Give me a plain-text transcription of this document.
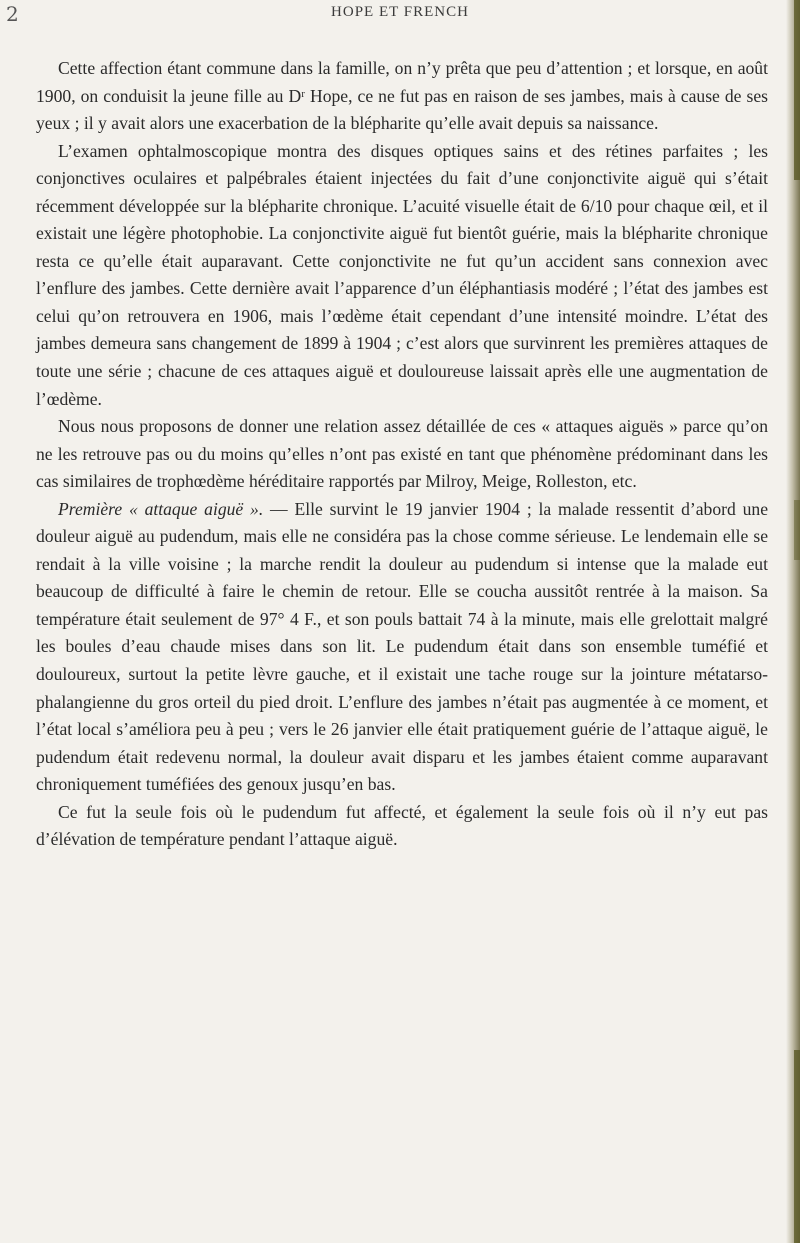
2	HOPE ET FRENCH

Cette affection étant commune dans la famille, on n’y prêta que peu d’attention ; et lorsque, en août 1900, on conduisit la jeune fille au Dʳ Hope, ce ne fut pas en raison de ses jambes, mais à cause de ses yeux ; il y avait alors une exacerbation de la blépharite qu’elle avait depuis sa naissance.

L’examen ophtalmoscopique montra des disques optiques sains et des rétines parfaites ; les conjonctives oculaires et palpébrales étaient injectées du fait d’une conjonctivite aiguë qui s’était récemment développée sur la blépharite chronique. L’acuité visuelle était de 6/10 pour chaque œil, et il existait une légère photophobie. La conjonctivite aiguë fut bientôt guérie, mais la blépharite chronique resta ce qu’elle était auparavant. Cette conjonctivite ne fut qu’un accident sans connexion avec l’enflure des jambes. Cette dernière avait l’apparence d’un éléphantiasis modéré ; l’état des jambes est celui qu’on retrouvera en 1906, mais l’œdème était cependant d’une intensité moindre. L’état des jambes demeura sans changement de 1899 à 1904 ; c’est alors que survinrent les premières attaques de toute une série ; chacune de ces attaques aiguë et douloureuse laissait après elle une augmentation de l’œdème.

Nous nous proposons de donner une relation assez détaillée de ces « attaques aiguës » parce qu’on ne les retrouve pas ou du moins qu’elles n’ont pas existé en tant que phénomène prédominant dans les cas similaires de trophœdème héréditaire rapportés par Milroy, Meige, Rolleston, etc.

Première « attaque aiguë ». — Elle survint le 19 janvier 1904 ; la malade ressentit d’abord une douleur aiguë au pudendum, mais elle ne considéra pas la chose comme sérieuse. Le lendemain elle se rendait à la ville voisine ; la marche rendit la douleur au pudendum si intense que la malade eut beaucoup de difficulté à faire le chemin de retour. Elle se coucha aussitôt rentrée à la maison. Sa température était seulement de 97° 4 F., et son pouls battait 74 à la minute, mais elle grelottait malgré les boules d’eau chaude mises dans son lit. Le pudendum était dans son ensemble tuméfié et douloureux, surtout la petite lèvre gauche, et il existait une tache rouge sur la jointure métatarso-phalangienne du gros orteil du pied droit. L’enflure des jambes n’était pas augmentée à ce moment, et l’état local s’améliora peu à peu ; vers le 26 janvier elle était pratiquement guérie de l’attaque aiguë, le pudendum était redevenu normal, la douleur avait disparu et les jambes étaient comme auparavant chroniquement tuméfiées des genoux jusqu’en bas.

Ce fut la seule fois où le pudendum fut affecté, et également la seule fois où il n’y eut pas d’élévation de température pendant l’attaque aiguë.
